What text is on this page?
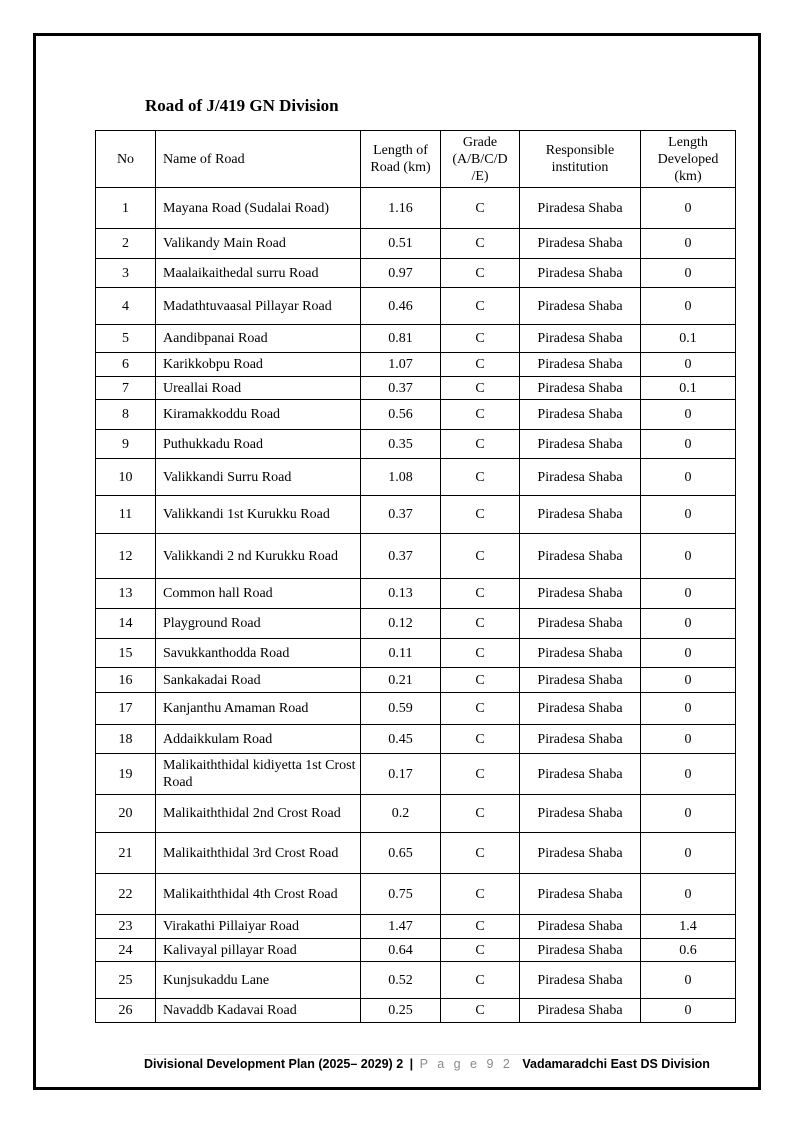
Road of J/419 GN Division
No	Name of Road	Length of Road (km)	Grade (A/B/C/D /E)	Responsible institution	Length Developed (km)
1	Mayana Road (Sudalai Road)	1.16	C	Piradesa Shaba	0
2	Valikandy Main Road	0.51	C	Piradesa Shaba	0
3	Maalaikaithedal surru Road	0.97	C	Piradesa Shaba	0
4	Madathtuvaasal Pillayar Road	0.46	C	Piradesa Shaba	0
5	Aandibpanai Road	0.81	C	Piradesa Shaba	0.1
6	Karikkobpu Road	1.07	C	Piradesa Shaba	0
7	Ureallai Road	0.37	C	Piradesa Shaba	0.1
8	Kiramakkoddu Road	0.56	C	Piradesa Shaba	0
9	Puthukkadu Road	0.35	C	Piradesa Shaba	0
10	Valikkandi Surru Road	1.08	C	Piradesa Shaba	0
11	Valikkandi 1st Kurukku Road	0.37	C	Piradesa Shaba	0
12	Valikkandi 2 nd Kurukku Road	0.37	C	Piradesa Shaba	0
13	Common hall Road	0.13	C	Piradesa Shaba	0
14	Playground Road	0.12	C	Piradesa Shaba	0
15	Savukkanthodda Road	0.11	C	Piradesa Shaba	0
16	Sankakadai Road	0.21	C	Piradesa Shaba	0
17	Kanjanthu Amaman Road	0.59	C	Piradesa Shaba	0
18	Addaikkulam Road	0.45	C	Piradesa Shaba	0
19	Malikaiththidal kidiyetta 1st Crost Road	0.17	C	Piradesa Shaba	0
20	Malikaiththidal 2nd Crost Road	0.2	C	Piradesa Shaba	0
21	Malikaiththidal 3rd Crost Road	0.65	C	Piradesa Shaba	0
22	Malikaiththidal 4th Crost Road	0.75	C	Piradesa Shaba	0
23	Virakathi Pillaiyar Road	1.47	C	Piradesa Shaba	1.4
24	Kalivayal pillayar Road	0.64	C	Piradesa Shaba	0.6
25	Kunjsukaddu Lane	0.52	C	Piradesa Shaba	0
26	Navaddb Kadavai Road	0.25	C	Piradesa Shaba	0
Divisional Development Plan (2025– 2029) 2 | P a g e 9 2 Vadamaradchi East DS Division
